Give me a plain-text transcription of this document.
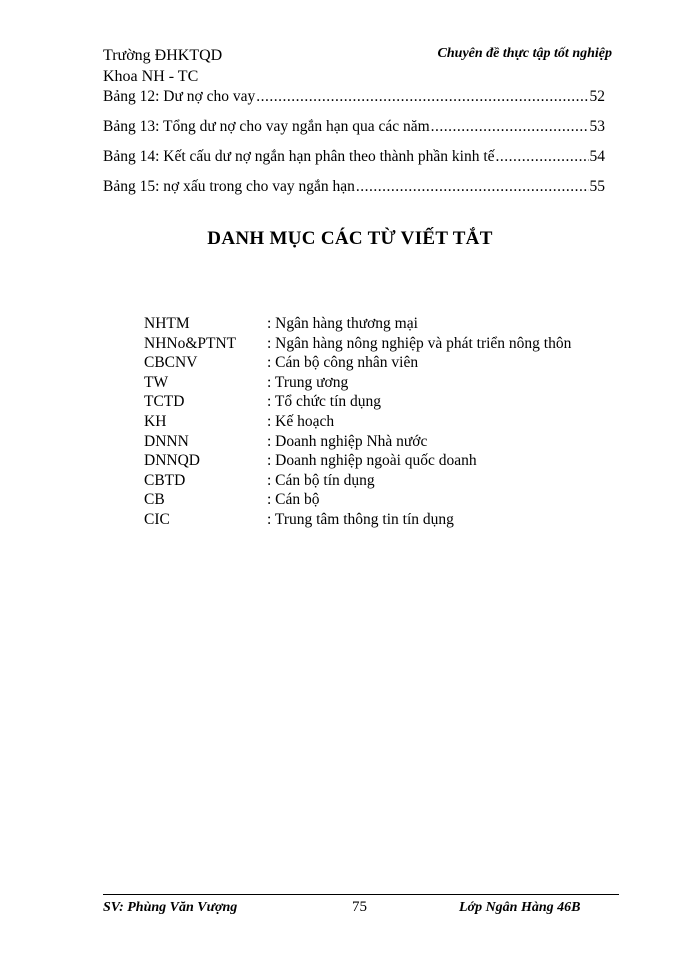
Trường ĐHKTQD
Khoa NH - TC
Chuyên đề thực tập tốt nghiệp
Bảng 12: Dư nợ cho vay .....	52
Bảng 13: Tổng dư nợ cho vay ngắn hạn qua các năm .....	53
Bảng 14: Kết cấu dư nợ ngắn hạn phân theo thành phần kinh tế .....	54
Bảng 15: nợ xấu trong cho vay ngắn hạn .....	55
DANH MỤC CÁC TỪ VIẾT TẮT
NHTM	: Ngân hàng thương mại
NHNo&PTNT	: Ngân hàng nông nghiệp và phát triển nông thôn
CBCNV	: Cán bộ công nhân viên
TW	: Trung ương
TCTD	: Tổ chức tín dụng
KH	: Kế hoạch
DNNN	: Doanh nghiệp Nhà nước
DNNQD	: Doanh nghiệp ngoài quốc doanh
CBTD	: Cán bộ tín dụng
CB	: Cán bộ
CIC	: Trung tâm thông tin tín dụng
SV: Phùng Văn Vượng	75	Lớp Ngân Hàng 46B
